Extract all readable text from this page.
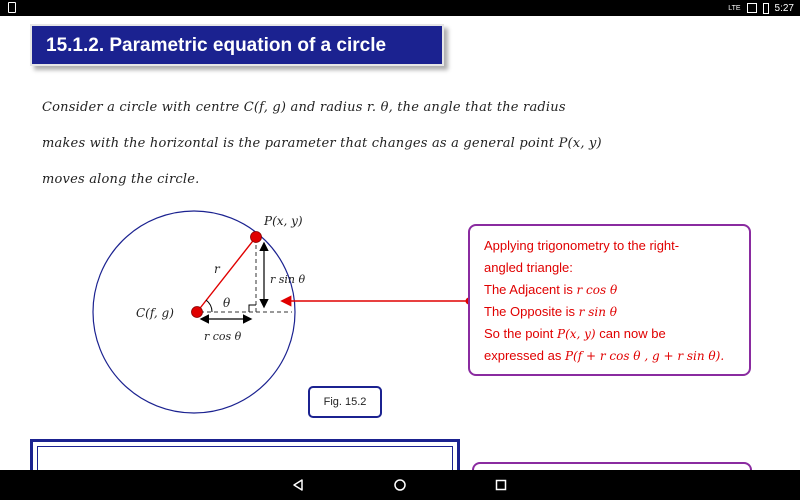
LTE	5:27
15.1.2. Parametric equation of a circle
Consider a circle with centre C(f, g) and radius r. θ, the angle that the radius
makes with the horizontal is the parameter that changes as a general point P(x, y)
moves along the circle.
P(x, y)
C(f, g)
r
θ
r sin θ
r cos θ
Applying trigonometry to the right-
angled triangle:
The Adjacent is r cos θ
The Opposite is r sin θ
So the point P(x, y) can now be
expressed as P(f + r cos θ , g + r sin θ).
Fig. 15.2
